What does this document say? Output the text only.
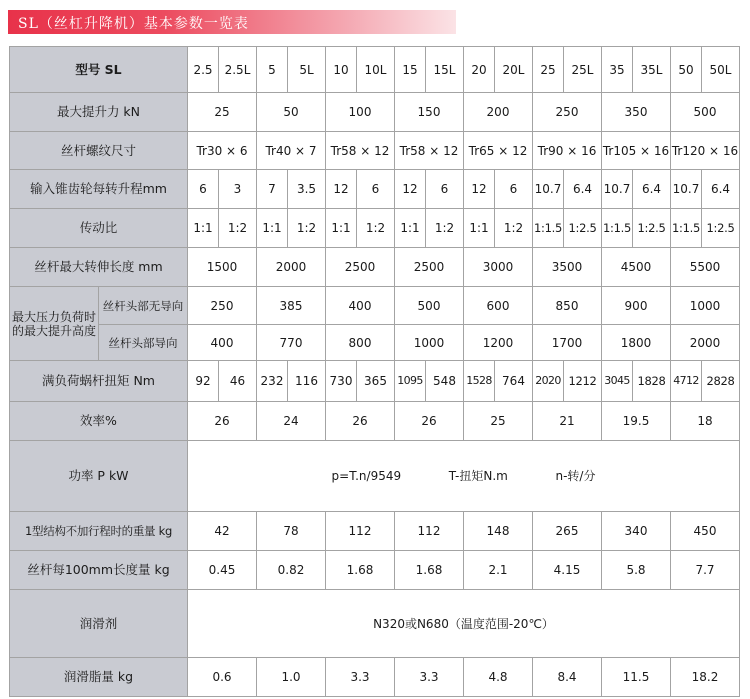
SL（丝杠升降机）基本参数一览表
型号 SL		2.5	2.5L	5	5L	10	10L	15	15L	20	20L	25	25L	35	35L	50	50L
最大提升力 kN		25		50		100		150		200		250		350		500	
丝杆螺纹尺寸		Tr30 × 6		Tr40 × 7		Tr58 × 12		Tr58 × 12		Tr65 × 12		Tr90 × 16		Tr105 × 16		Tr120 × 16	
输入锥齿轮每转升程mm		6	3	7	3.5	12	6	12	6	12	6	10.7	6.4	10.7	6.4	10.7	6.4
传动比		1:1	1:2	1:1	1:2	1:1	1:2	1:1	1:2	1:1	1:2	1:1.5	1:2.5	1:1.5	1:2.5	1:1.5	1:2.5
丝杆最大转伸长度 mm		1500		2000		2500		2500		3000		3500		4500		5500	
最大压力负荷时
的最大提升高度	丝杆头部无导向	250		385		400		500		600		850		900		1000	
	丝杆头部导向	400		770		800		1000		1200		1700		1800		2000	
满负荷蜗杆扭矩 Nm		92	46	232	116	730	365	1095	548	1528	764	2020	1212	3045	1828	4712	2828
效率%		26		24		26		26		25		21		19.5		18	
功率 P kW		p=T.n/9549 T-扭矩N.m n-转/分															
1型结构不加行程时的重量 kg		42		78		112		112		148		265		340		450	
丝杆每100mm长度量 kg		0.45		0.82		1.68		1.68		2.1		4.15		5.8		7.7	
润滑剂		N320或N680（温度范围-20℃）															
润滑脂量 kg		0.6		1.0		3.3		3.3		4.8		8.4		11.5		18.2	
